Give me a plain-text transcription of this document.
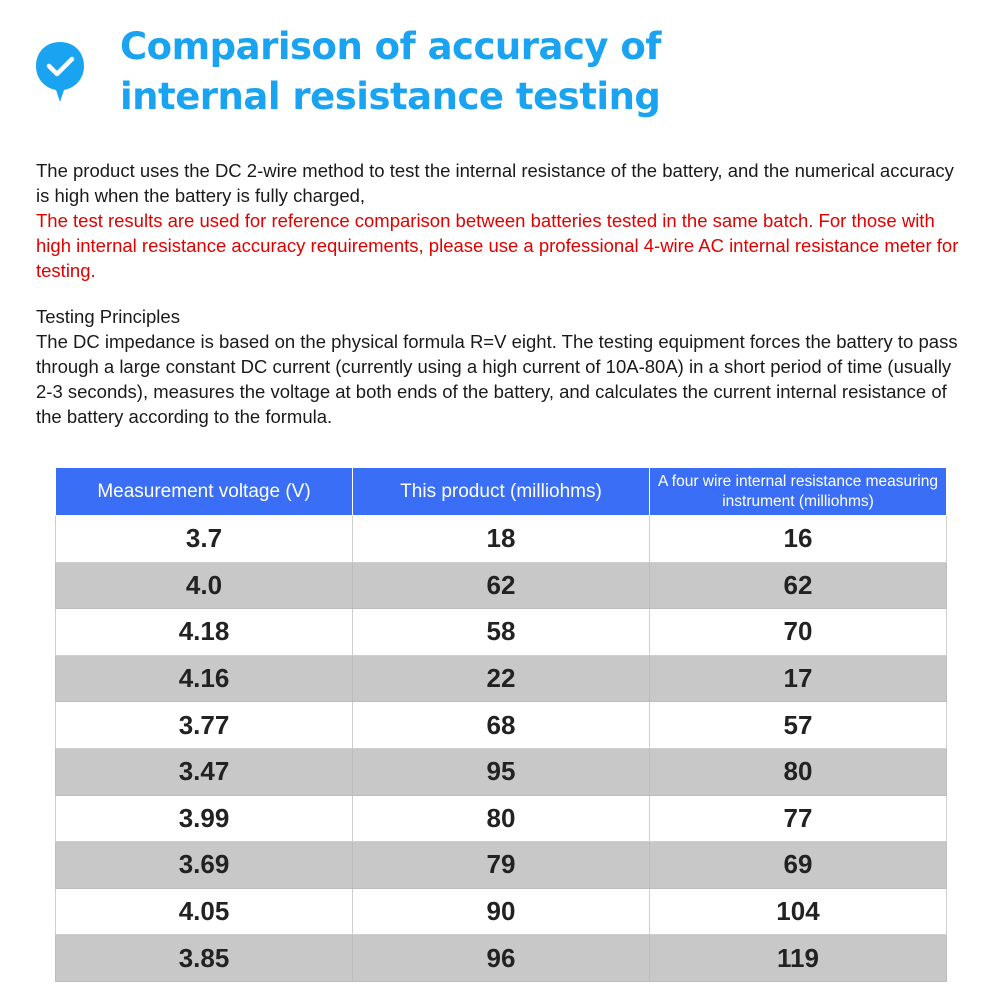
Comparison of accuracy of
internal resistance testing

The product uses the DC 2-wire method to test the internal resistance of the battery, and the numerical accuracy is high when the battery is fully charged,

The test results are used for reference comparison between batteries tested in the same batch. For those with high internal resistance accuracy requirements, please use a professional 4-wire AC internal resistance meter for testing.

Testing Principles

The DC impedance is based on the physical formula R=V eight. The testing equipment forces the battery to pass through a large constant DC current (currently using a high current of 10A-80A) in a short period of time (usually 2-3 seconds), measures the voltage at both ends of the battery, and calculates the current internal resistance of the battery according to the formula.

Measurement voltage (V)	This product (milliohms)	A four wire internal resistance measuring instrument (milliohms)
3.7	18	16
4.0	62	62
4.18	58	70
4.16	22	17
3.77	68	57
3.47	95	80
3.99	80	77
3.69	79	69
4.05	90	104
3.85	96	119
